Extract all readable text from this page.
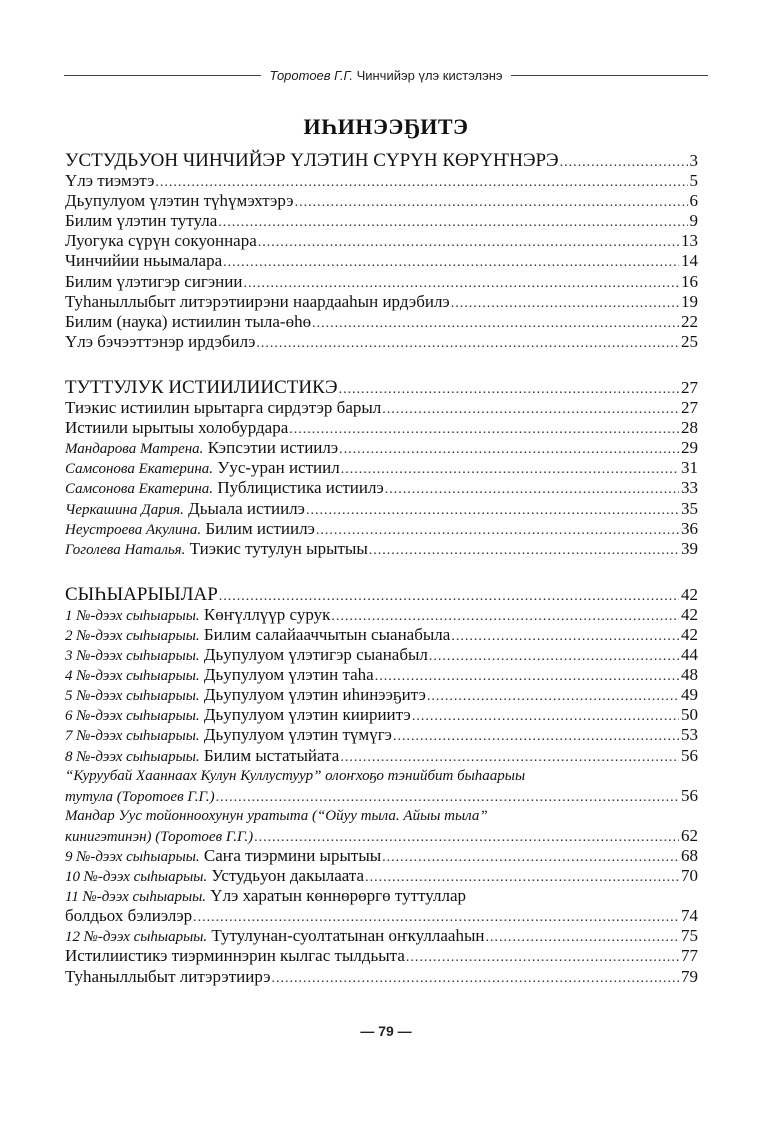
Торотоев Г.Г. Чинчийэр үлэ кистэлэнэ
ИҺИНЭЭҔИТЭ
УСТУДЬУОН ЧИНЧИЙЭР ҮЛЭТИН СҮРҮН КӨРҮҤНЭРЭ .....	3
Үлэ тиэмэтэ .....	5
Дьупулуом үлэтин түһүмэхтэрэ .....	6
Билим үлэтин тутула .....	9
Луогука сүрүн сокуоннара .....	13
Чинчийии ньымалара .....	14
Билим үлэтигэр сигэнии .....	16
Туһаныллыбыт литэрэтиирэни наардааһын ирдэбилэ .....	19
Билим (наука) истиилин тыла-өһө .....	22
Үлэ бэчээттэнэр ирдэбилэ .....	25
ТУТТУЛУК ИСТИИЛИИСТИКЭ .....	27
Тиэкис истиилин ырытарга сирдэтэр барыл .....	27
Истиили ырытыы холобурдара .....	28
Мандарова Матрена. Кэпсэтии истиилэ .....	29
Самсонова Екатерина. Уус-уран истиил .....	31
Самсонова Екатерина. Публицистика истиилэ .....	33
Черкашина Дария. Дьыала истиилэ .....	35
Неустроева Акулина. Билим истиилэ .....	36
Гоголева Наталья. Тиэкис тутулун ырытыы .....	39
СЫҺЫАРЫЫЛАР .....	42
1 №-дээх сыһыарыы. Көҥүллүүр сурук .....	42
2 №-дээх сыһыарыы. Билим салайааччытын сыанабыла .....	42
3 №-дээх сыһыарыы. Дьупулуом үлэтигэр сыанабыл .....	44
4 №-дээх сыһыарыы. Дьупулуом үлэтин таһа .....	48
5 №-дээх сыһыарыы. Дьупулуом үлэтин иһинээҕитэ .....	49
6 №-дээх сыһыарыы. Дьупулуом үлэтин киириитэ .....	50
7 №-дээх сыһыарыы. Дьупулуом үлэтин түмүгэ .....	53
8 №-дээх сыһыарыы. Билим ыстатыйата .....	56
“Куруубай Хааннаах Кулун Куллустуур” олоҥхоҕо тэнийбит быһаарыы
тутула (Торотоев Г.Г.) .....	56
Мандар Уус тойонноохунун уратыта (“Ойуу тыла. Айыы тыла”
кинигэтинэн) (Торотоев Г.Г.) .....	62
9 №-дээх сыһыарыы. Саҥа тиэрмини ырытыы .....	68
10 №-дээх сыһыарыы. Устудьуон дакылаата .....	70
11 №-дээх сыһыарыы. Үлэ харатын көннөрөргө туттуллар
болдьох бэлиэлэр .....	74
12 №-дээх сыһыарыы. Тутулунан-суолтатынан оҥкуллааһын .....	75
Истилиистикэ тиэрминнэрин кылгас тылдьыта .....	77
Туһаныллыбыт литэрэтиирэ .....	79
— 79 —
